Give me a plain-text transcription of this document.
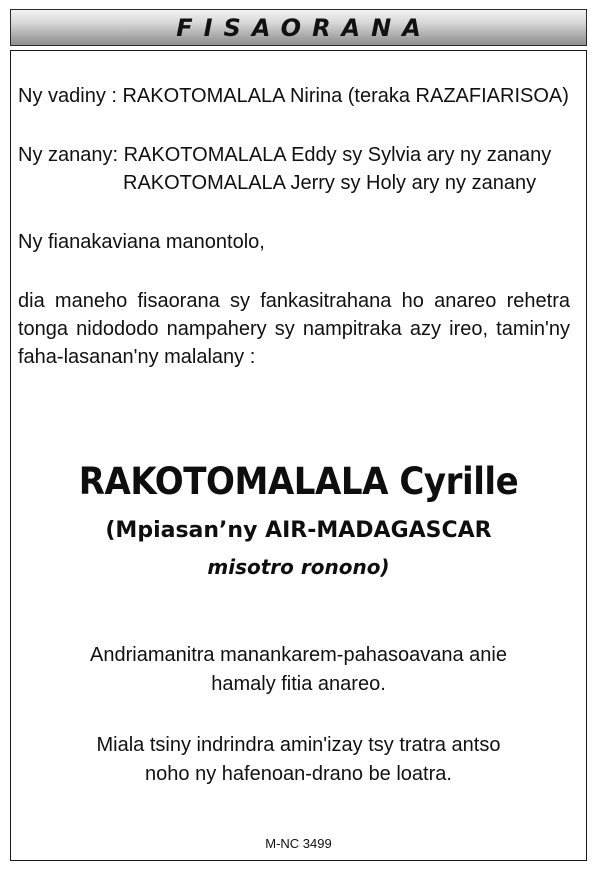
FISAORANA
Ny vadiny : RAKOTOMALALA Nirina (teraka RAZAFIARISOA)
Ny zanany: RAKOTOMALALA Eddy sy Sylvia ary ny zanany
RAKOTOMALALA Jerry sy Holy ary ny zanany
Ny fianakaviana manontolo,
dia maneho fisaorana sy fankasitrahana ho anareo rehetra tonga nidododo nampahery sy nampitraka azy ireo, tamin'ny faha-lasanan'ny malalany :
RAKOTOMALALA Cyrille
(Mpiasan’ny AIR-MADAGASCAR
misotro ronono)
Andriamanitra manankarem-pahasoavana anie
hamaly fitia anareo.
Miala tsiny indrindra amin'izay tsy tratra antso
noho ny hafenoan-drano be loatra.
M-NC 3499
